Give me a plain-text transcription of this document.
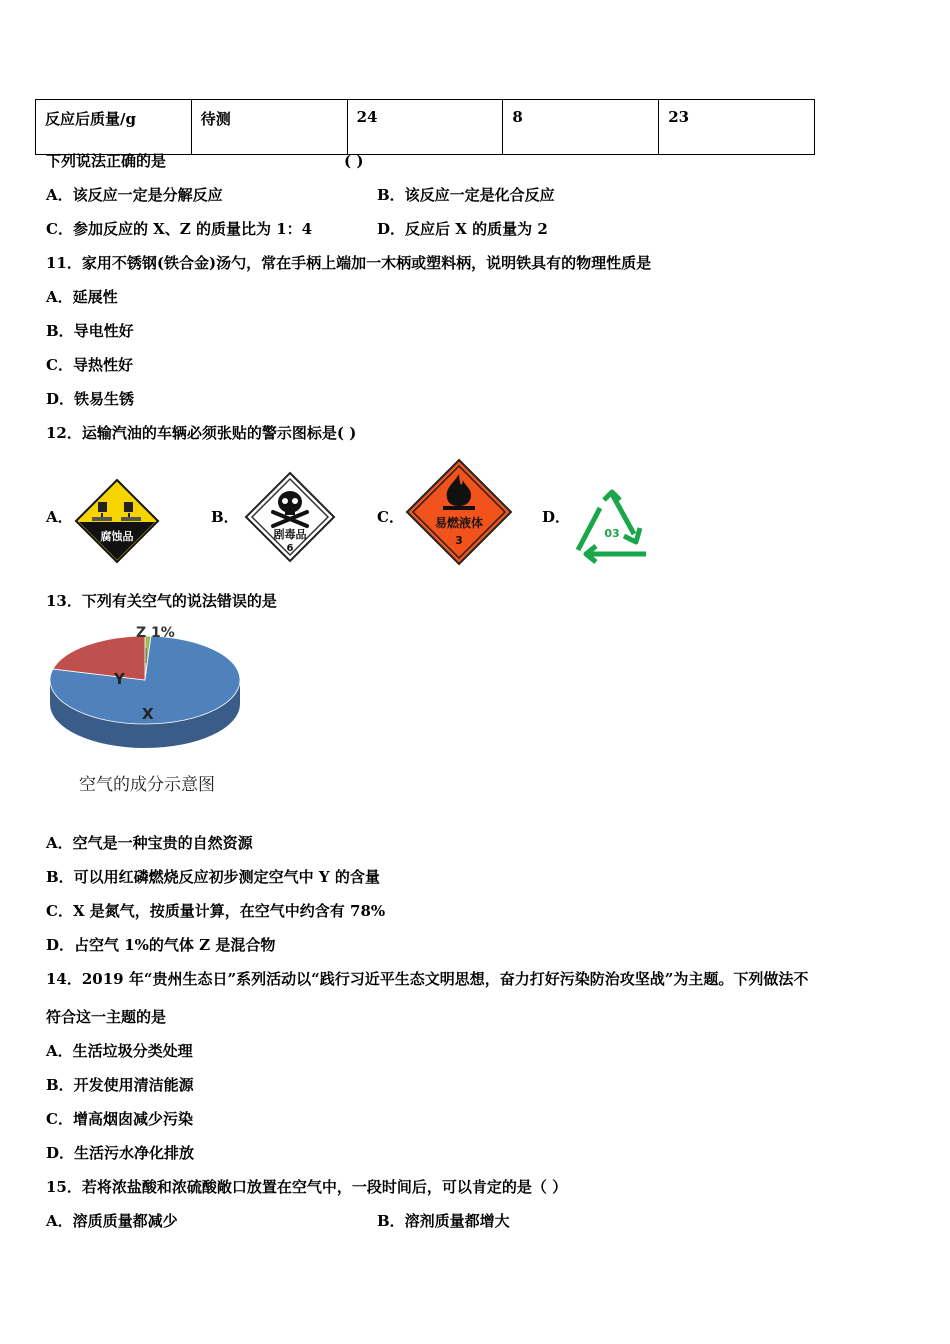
反应后质量/g	待测	24	8	23
下列说法正确的是	( )
A．该反应一定是分解反应	B．该反应一定是化合反应
C．参加反应的 X、Z 的质量比为 1：4	D．反应后 X 的质量为 2
11．家用不锈钢(铁合金)汤勺，常在手柄上端加一木柄或塑料柄，说明铁具有的物理性质是
A．延展性
B．导电性好
C．导热性好
D．铁易生锈
12．运输汽油的车辆必须张贴的警示图标是( )
A．
腐蚀品
B．
剧毒品
6
C．	易燃液体
3
D．
03
13．下列有关空气的说法错误的是
Z 1%
Y
X
空气的成分示意图
A．空气是一种宝贵的自然资源
B．可以用红磷燃烧反应初步测定空气中 Y 的含量
C．X 是氮气，按质量计算，在空气中约含有 78%
D．占空气 1%的气体 Z 是混合物
14．2019 年“贵州生态日”系列活动以“践行习近平生态文明思想，奋力打好污染防治攻坚战”为主题。下列做法不
符合这一主题的是
A．生活垃圾分类处理
B．开发使用清洁能源
C．增高烟囱减少污染
D．生活污水净化排放
15．若将浓盐酸和浓硫酸敞口放置在空气中，一段时间后，可以肯定的是（ ）
A．溶质质量都减少	B．溶剂质量都增大
